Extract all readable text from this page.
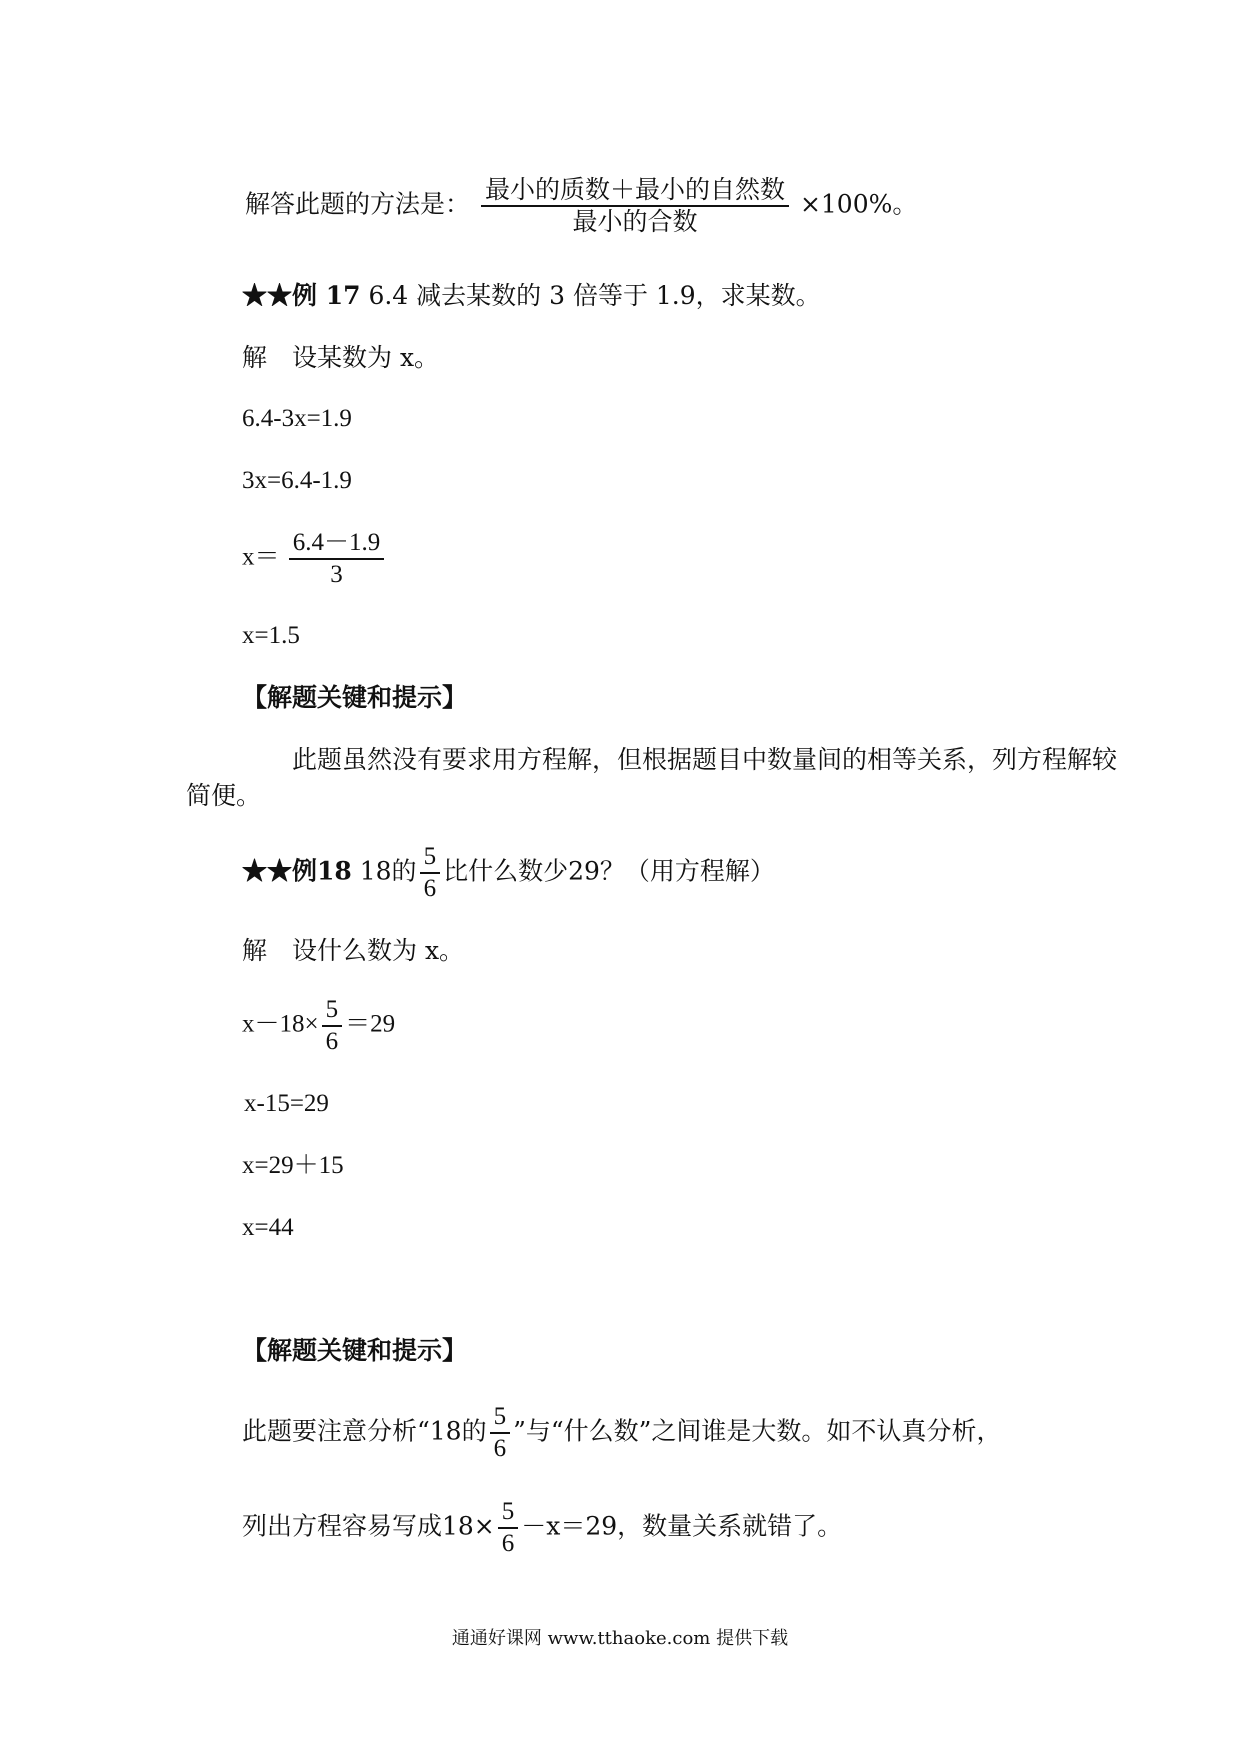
解答此题的方法是： $\frac{\text{最小的质数＋最小的自然数}}{\text{最小的合数}} \times 100\%$。
★★例 17 6.4 减去某数的 3 倍等于 1.9，求某数。
解　设某数为 x。
6.4-3x=1.9
3x=6.4-1.9
$x= \frac{6.4-1.9}{3}$
x=1.5
【解题关键和提示】
此题虽然没有要求用方程解，但根据题目中数量间的相等关系，列方程解较
简便。
★★例18 18的 $\frac{5}{6}$ 比什么数少29？（用方程解）
解　设什么数为 x。
$x-18\times \frac{5}{6} =29$
x-15=29
x=29＋15
x=44
【解题关键和提示】
此题要注意分析“18的 $\frac{5}{6}$ ”与“什么数”之间谁是大数。如不认真分析，
列出方程容易写成$18\times \frac{5}{6} -x=29$，数量关系就错了。
通通好课网 www.tthaoke.com 提供下载
